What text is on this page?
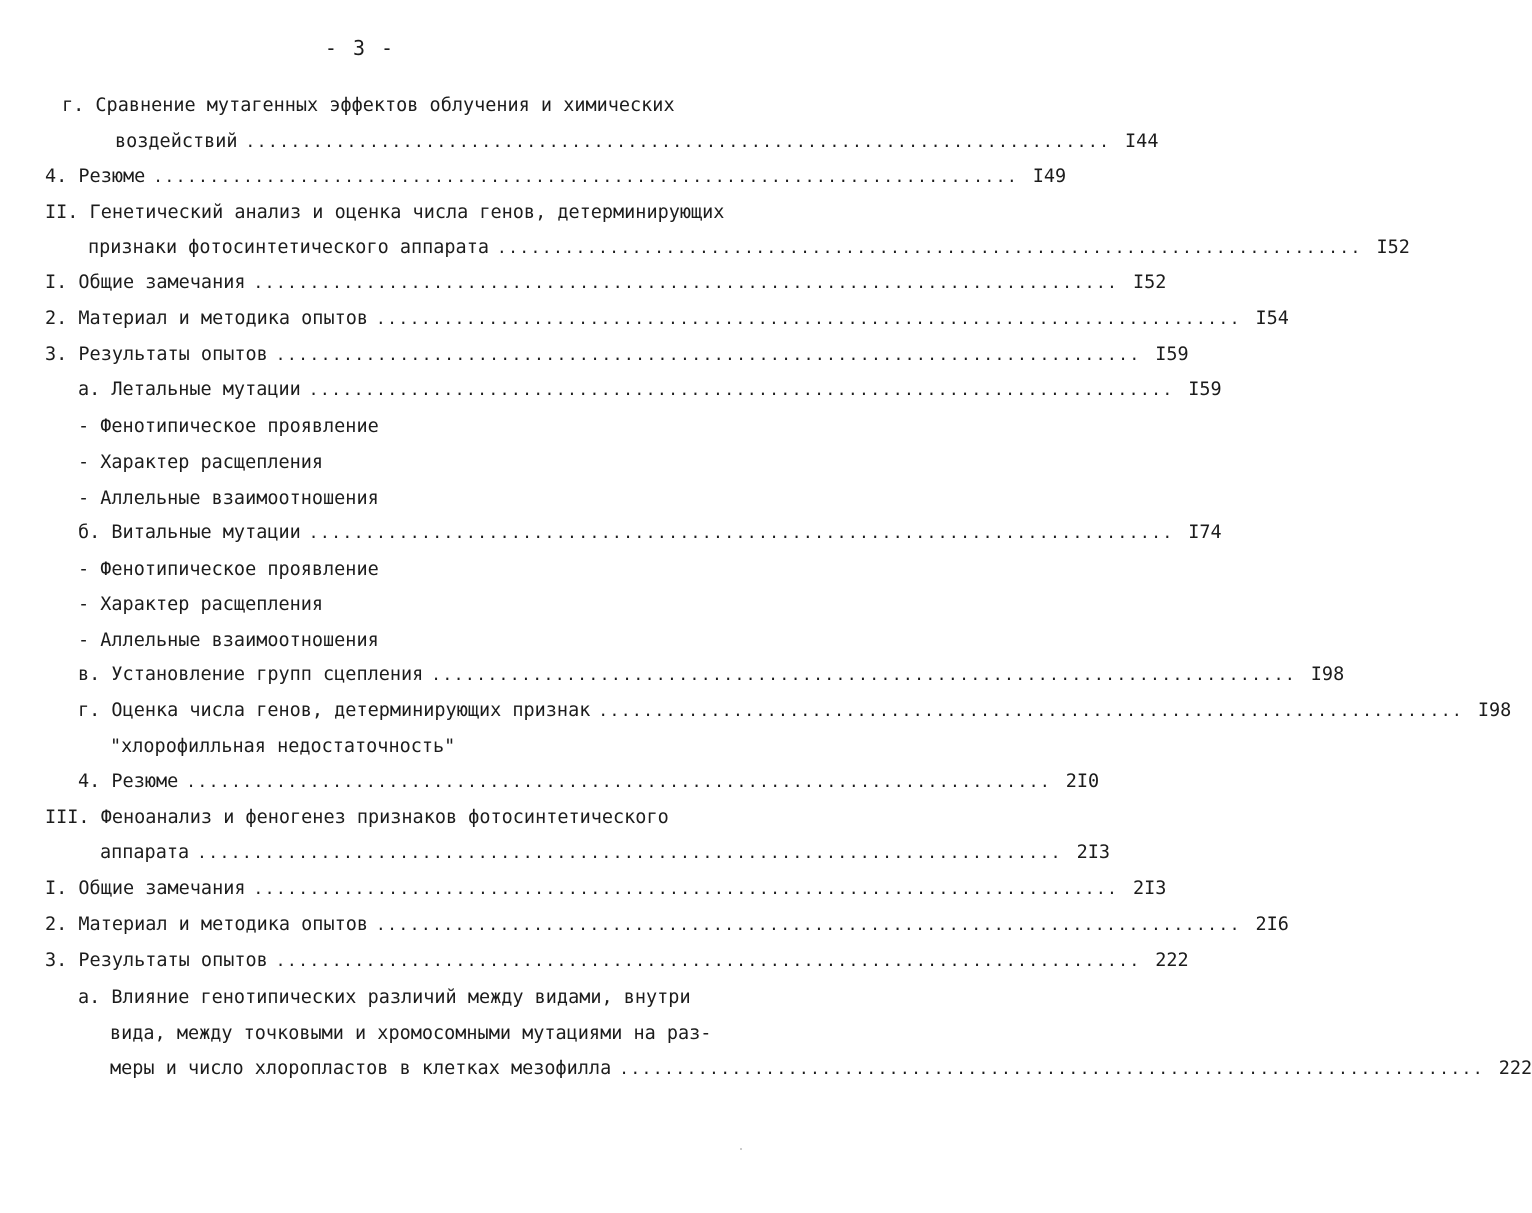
- 3 -
г. Сравнение мутагенных эффектов облучения и химических
воздействий ............................................................................. I44
4. Резюме ............................................................................. I49
II. Генетический анализ и оценка числа генов, детерминирующих
признаки фотосинтетического аппарата ............................................................................. I52
I. Общие замечания ............................................................................. I52
2. Материал и методика опытов ............................................................................. I54
3. Результаты опытов ............................................................................. I59
а. Летальные мутации ............................................................................. I59
- Фенотипическое проявление
- Характер расщепления
- Аллельные взаимоотношения
б. Витальные мутации ............................................................................. I74
- Фенотипическое проявление
- Характер расщепления
- Аллельные взаимоотношения
в. Установление групп сцепления ............................................................................. I98
г. Оценка числа генов, детерминирующих признак ............................................................................. I98
"хлорофилльная недостаточность"
4. Резюме ............................................................................. 2I0
III. Феноанализ и феногенез признаков фотосинтетического
аппарата ............................................................................. 2I3
I. Общие замечания ............................................................................. 2I3
2. Материал и методика опытов ............................................................................. 2I6
3. Результаты опытов ............................................................................. 222
а. Влияние генотипических различий между видами, внутри
вида, между точковыми и хромосомными мутациями на раз-
меры и число хлоропластов в клетках мезофилла ............................................................................. 222
